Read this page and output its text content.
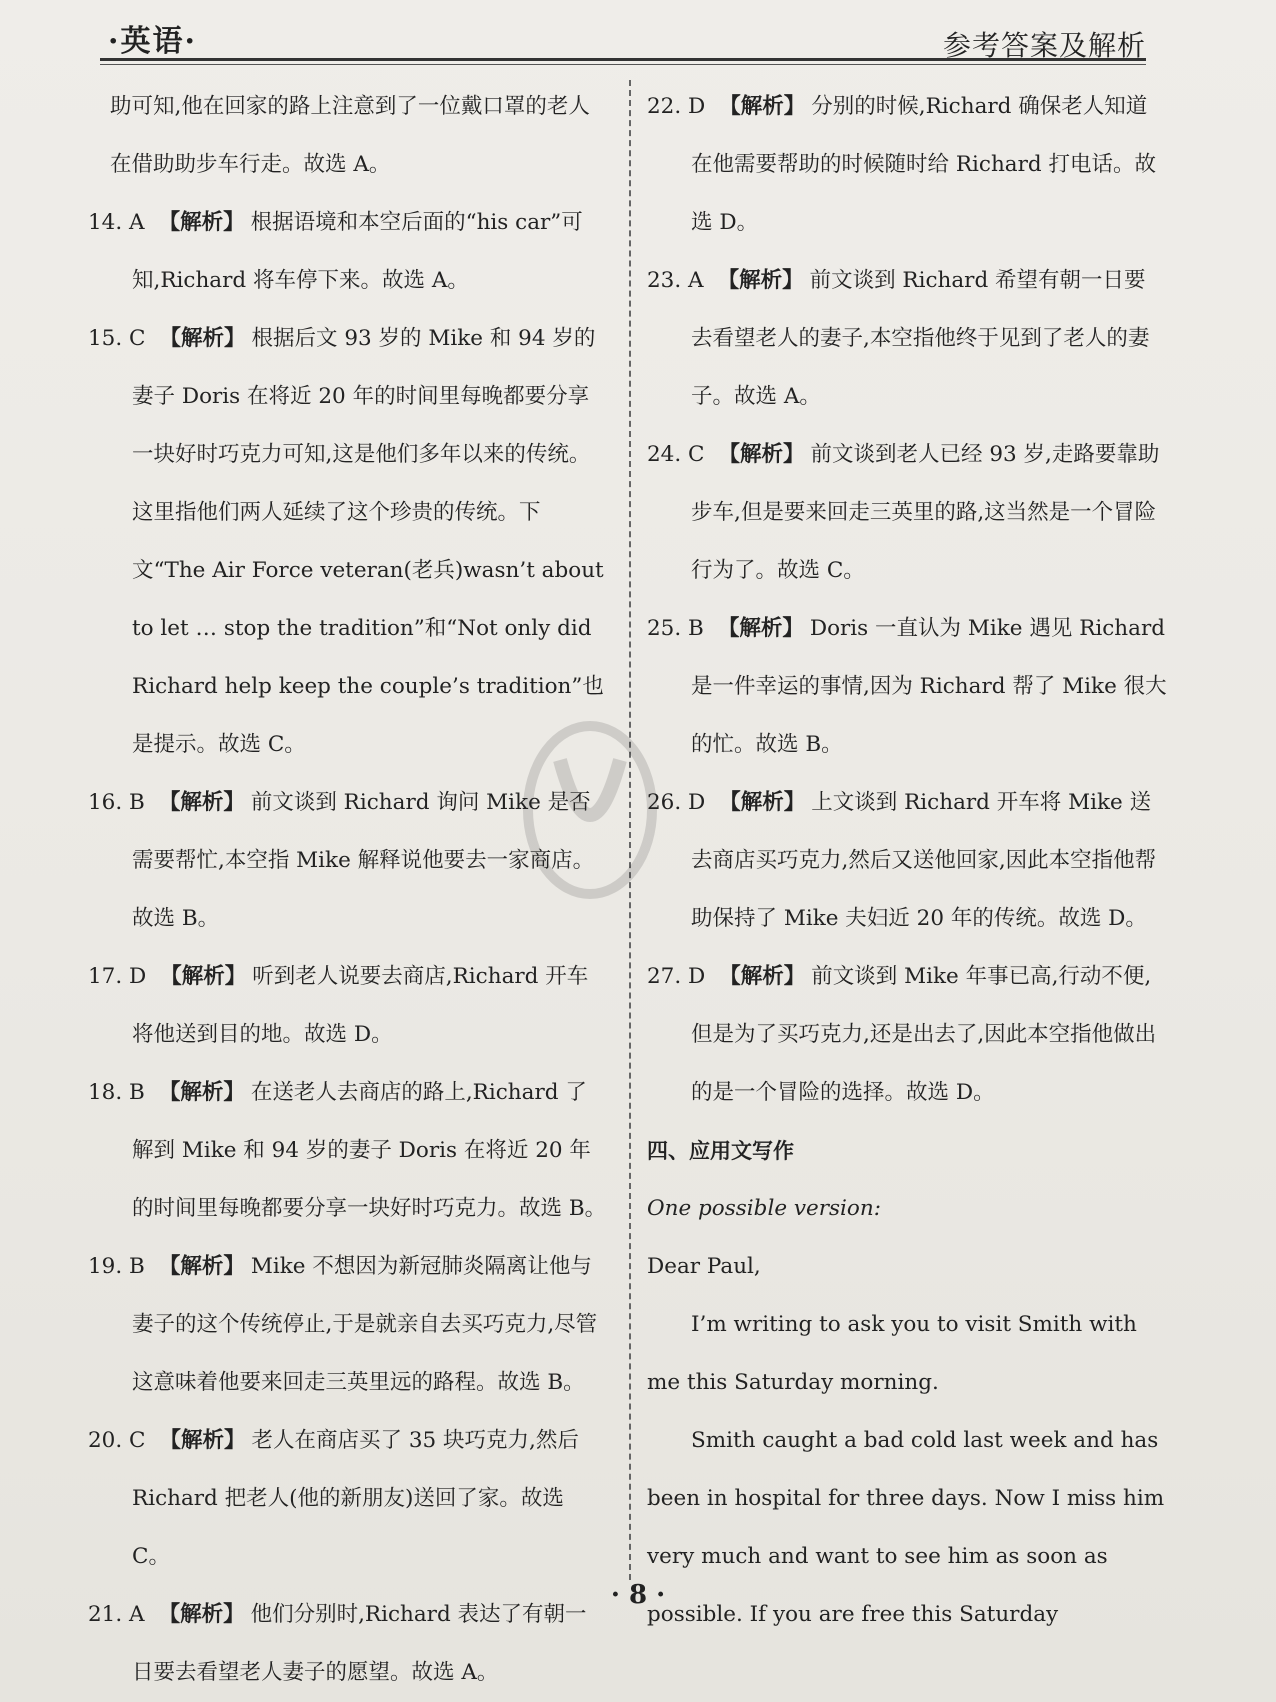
·英语·	参考答案及解析

助可知,他在回家的路上注意到了一位戴口罩的老人在借助助步车行走。故选 A。

14. A 【解析】 根据语境和本空后面的“his car”可知,Richard 将车停下来。故选 A。

15. C 【解析】 根据后文 93 岁的 Mike 和 94 岁的妻子 Doris 在将近 20 年的时间里每晚都要分享一块好时巧克力可知,这是他们多年以来的传统。这里指他们两人延续了这个珍贵的传统。下文“The Air Force veteran(老兵)wasn’t about to let … stop the tradition”和“Not only did Richard help keep the couple’s tradition”也是提示。故选 C。

16. B 【解析】 前文谈到 Richard 询问 Mike 是否需要帮忙,本空指 Mike 解释说他要去一家商店。故选 B。

17. D 【解析】 听到老人说要去商店,Richard 开车将他送到目的地。故选 D。

18. B 【解析】 在送老人去商店的路上,Richard 了解到 Mike 和 94 岁的妻子 Doris 在将近 20 年的时间里每晚都要分享一块好时巧克力。故选 B。

19. B 【解析】 Mike 不想因为新冠肺炎隔离让他与妻子的这个传统停止,于是就亲自去买巧克力,尽管这意味着他要来回走三英里远的路程。故选 B。

20. C 【解析】 老人在商店买了 35 块巧克力,然后 Richard 把老人(他的新朋友)送回了家。故选 C。

21. A 【解析】 他们分别时,Richard 表达了有朝一日要去看望老人妻子的愿望。故选 A。

22. D 【解析】 分别的时候,Richard 确保老人知道在他需要帮助的时候随时给 Richard 打电话。故选 D。

23. A 【解析】 前文谈到 Richard 希望有朝一日要去看望老人的妻子,本空指他终于见到了老人的妻子。故选 A。

24. C 【解析】 前文谈到老人已经 93 岁,走路要靠助步车,但是要来回走三英里的路,这当然是一个冒险行为了。故选 C。

25. B 【解析】 Doris 一直认为 Mike 遇见 Richard 是一件幸运的事情,因为 Richard 帮了 Mike 很大的忙。故选 B。

26. D 【解析】 上文谈到 Richard 开车将 Mike 送去商店买巧克力,然后又送他回家,因此本空指他帮助保持了 Mike 夫妇近 20 年的传统。故选 D。

27. D 【解析】 前文谈到 Mike 年事已高,行动不便,但是为了买巧克力,还是出去了,因此本空指他做出的是一个冒险的选择。故选 D。

四、应用文写作

One possible version:

Dear Paul,

I’m writing to ask you to visit Smith with me this Saturday morning.

Smith caught a bad cold last week and has been in hospital for three days. Now I miss him very much and want to see him as soon as possible. If you are free this Saturday

· 8 ·
